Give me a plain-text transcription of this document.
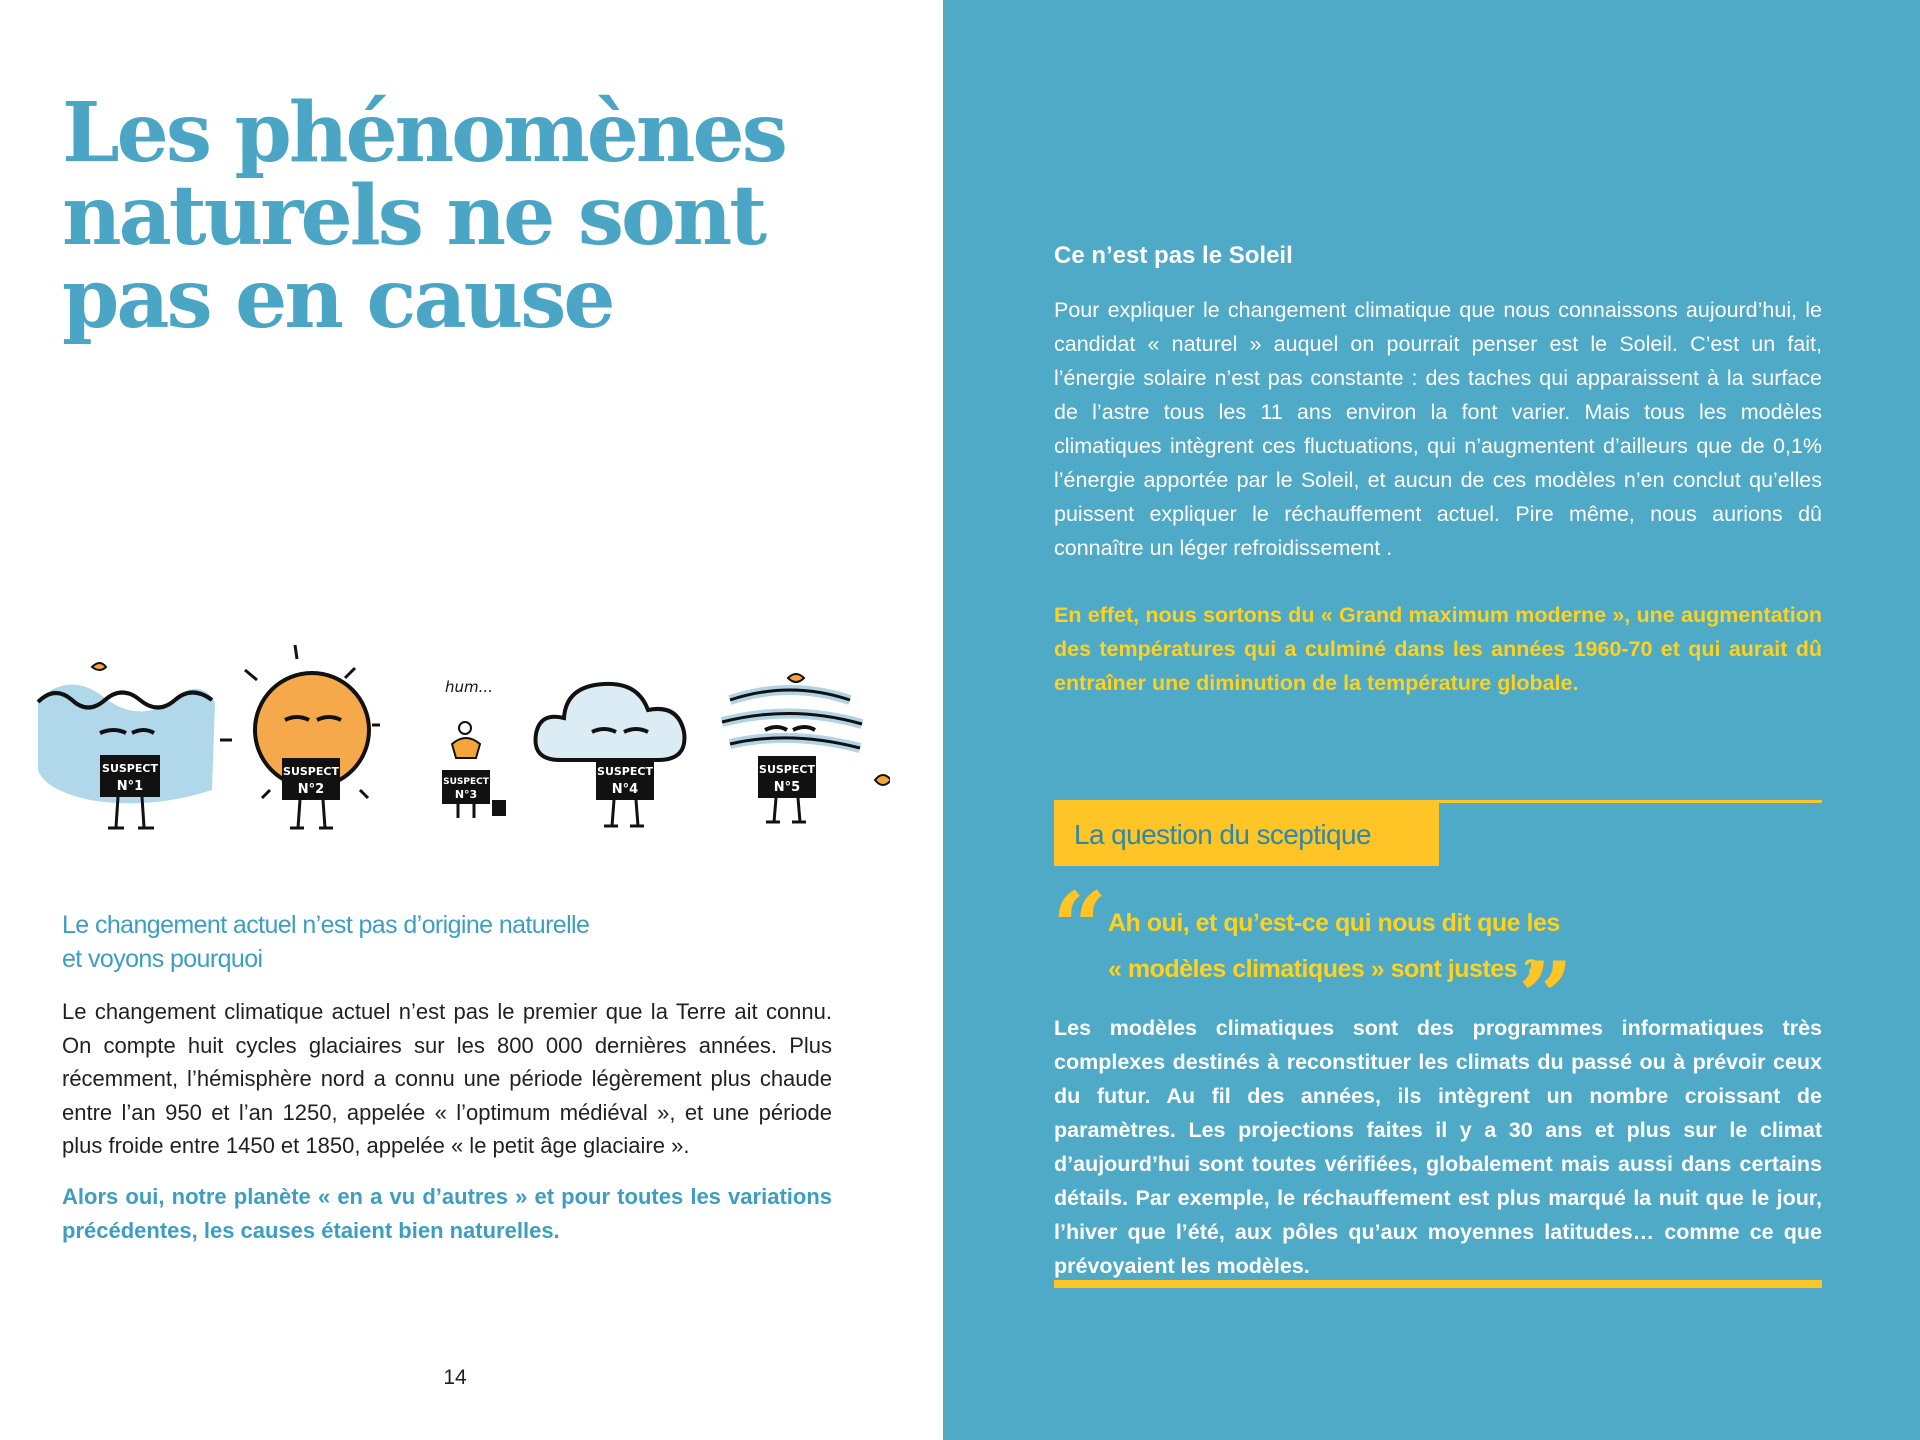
Les phénomènes naturels ne sont pas en cause
SUSPECT
N°1
SUSPECT
N°2
hum...
SUSPECT
N°3
SUSPECT
N°4
SUSPECT
N°5
Le changement actuel n’est pas d’origine naturelle
et voyons pourquoi

Le changement climatique actuel n’est pas le premier que la Terre ait connu. On compte huit cycles glaciaires sur les 800 000 dernières années. Plus récemment, l’hémisphère nord a connu une période légèrement plus chaude entre l’an 950 et l’an 1250, appelée « l’optimum médiéval », et une période plus froide entre 1450 et 1850, appelée « le petit âge glaciaire ».

Alors oui, notre planète « en a vu d’autres » et pour toutes les variations précédentes, les causes étaient bien naturelles.

14
Ce n’est pas le Soleil

Pour expliquer le changement climatique que nous connaissons aujourd’hui, le candidat « naturel » auquel on pourrait penser est le Soleil. C’est un fait, l’énergie solaire n’est pas constante : des taches qui apparaissent à la surface de l’astre tous les 11 ans environ la font varier. Mais tous les modèles climatiques intègrent ces fluctuations, qui n’augmentent d’ailleurs que de 0,1% l’énergie apportée par le Soleil, et aucun de ces modèles n’en conclut qu’elles puissent expliquer le réchauffement actuel. Pire même, nous aurions dû connaître un léger refroidissement .

En effet, nous sortons du « Grand maximum moderne », une augmentation des températures qui a culminé dans les années 1960-70 et qui aurait dû entraîner une diminution de la température globale.

La question du sceptique
“ Ah oui, et qu’est-ce qui nous dit que les
« modèles climatiques » sont justes ?

”

Les modèles climatiques sont des programmes informatiques très complexes destinés à reconstituer les climats du passé ou à prévoir ceux du futur. Au fil des années, ils intègrent un nombre croissant de paramètres. Les projections faites il y a 30 ans et plus sur le climat d’aujourd’hui sont toutes vérifiées, globalement mais aussi dans certains détails. Par exemple, le réchauffement est plus marqué la nuit que le jour, l’hiver que l’été, aux pôles qu’aux moyennes latitudes… comme ce que prévoyaient les modèles.
